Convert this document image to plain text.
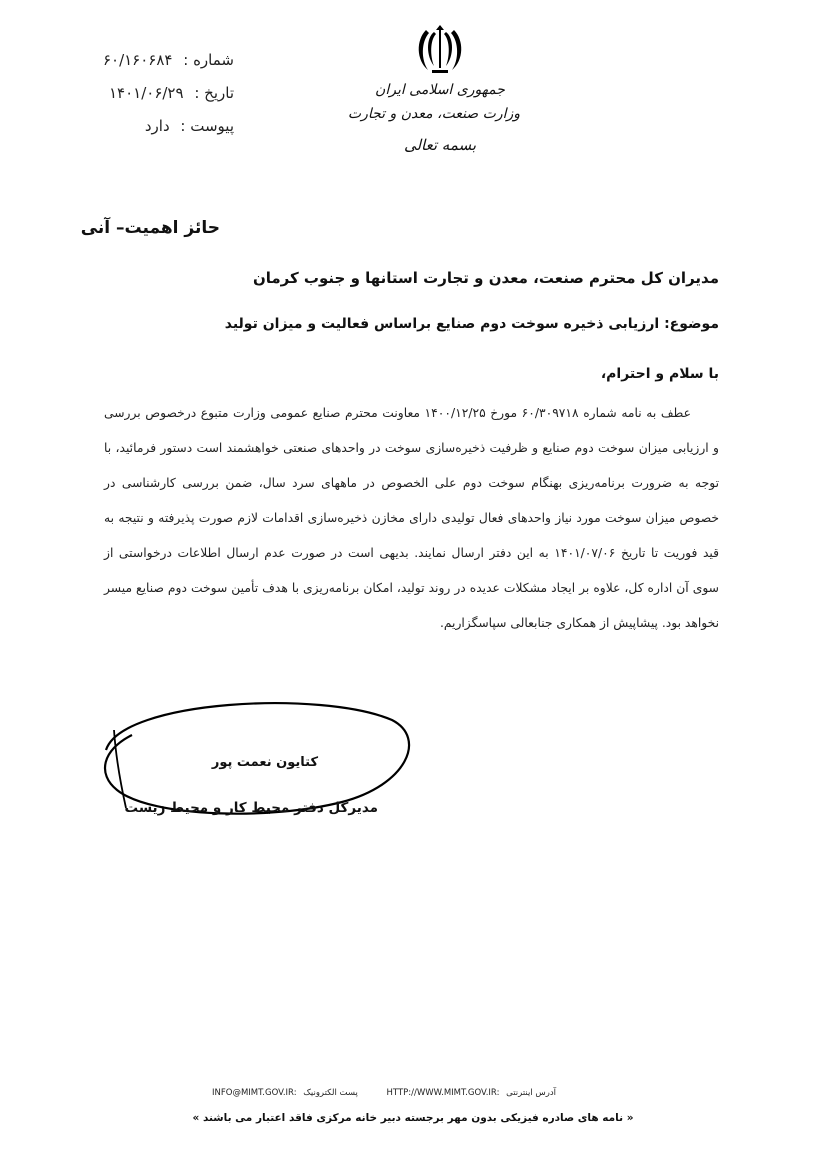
شماره : ۶۰/۱۶۰۶۸۴
تاریخ : ۱۴۰۱/۰۶/۲۹
پیوست : دارد
جمهوری اسلامی ایران
وزارت صنعت، معدن و تجارت
بسمه تعالی
حائز اهمیت– آنی
مدیران کل محترم صنعت، معدن و تجارت استانها و جنوب کرمان
موضوع: ارزیابی ذخیره سوخت دوم صنایع براساس فعالیت و میزان تولید
با سلام و احترام،

عطف به نامه شماره ۶۰/۳۰۹۷۱۸ مورخ ۱۴۰۰/۱۲/۲۵ معاونت محترم صنایع عمومی وزارت متبوع درخصوص بررسی و ارزیابی میزان سوخت دوم صنایع و ظرفیت ذخیره‌سازی سوخت در واحدهای صنعتی خواهشمند است دستور فرمائید، با توجه به ضرورت برنامه‌ریزی بهنگام سوخت دوم علی الخصوص در ماههای سرد سال، ضمن بررسی کارشناسی در خصوص میزان سوخت مورد نیاز واحدهای فعال تولیدی دارای مخازن ذخیره‌سازی اقدامات لازم صورت پذیرفته و نتیجه به قید فوریت تا تاریخ ۱۴۰۱/۰۷/۰۶ به این دفتر ارسال نمایند. بدیهی است در صورت عدم ارسال اطلاعات درخواستی از سوی آن اداره کل، علاوه بر ایجاد مشکلات عدیده در روند تولید، امکان برنامه‌ریزی با هدف تأمین سوخت دوم صنایع میسر نخواهد بود. پیشاپیش از همکاری جنابعالی سپاسگزاریم.

کتایون نعمت پور
مدیرکل دفتر محیط کار و محیط زیست
INFO@MIMT.GOV.IR: پست الکترونیک	HTTP://WWW.MIMT.GOV.IR: آدرس اینترنتی
« نامه های صادره فیزیکی بدون مهر برجسته دبیر خانه مرکزی فاقد اعتبار می باشند »
